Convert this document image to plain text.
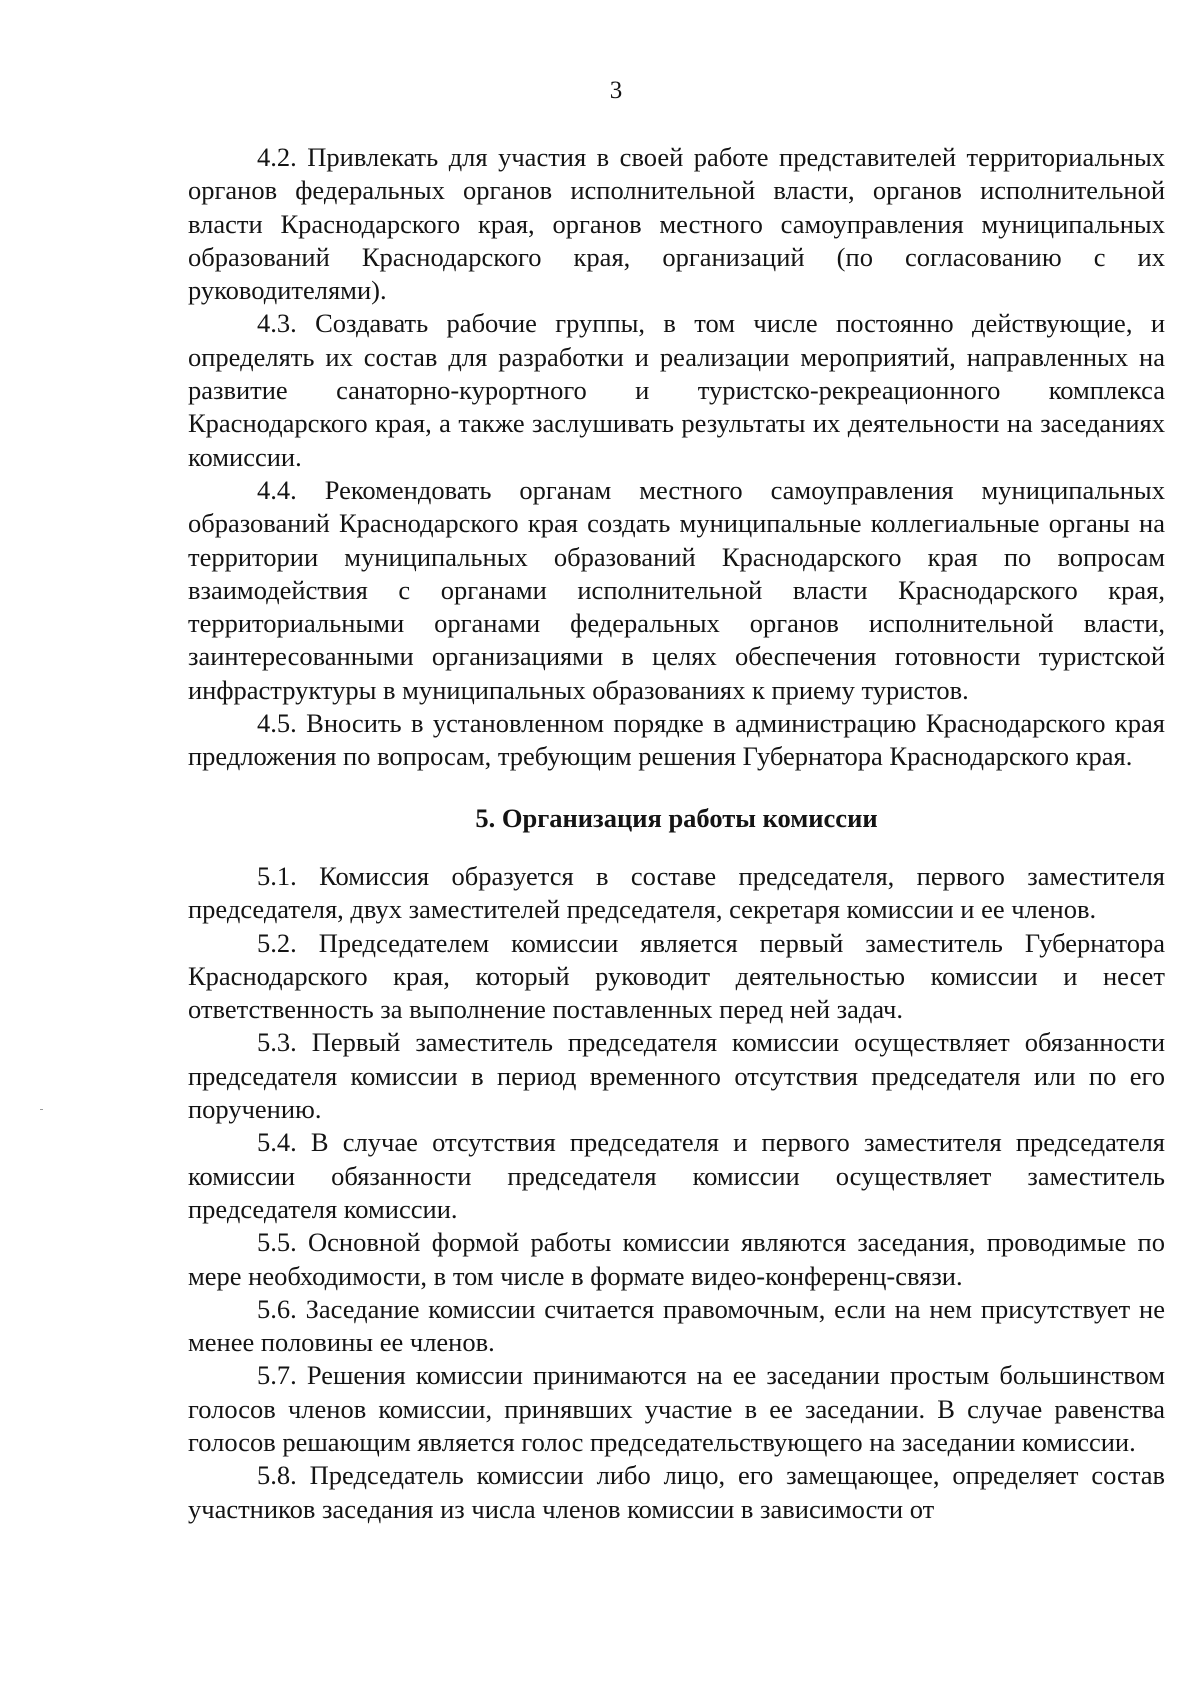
3

4.2. Привлекать для участия в своей работе представителей территориальных органов федеральных органов исполнительной власти, органов исполнительной власти Краснодарского края, органов местного самоуправления муниципальных образований Краснодарского края, организаций (по согласованию с их руководителями).

4.3. Создавать рабочие группы, в том числе постоянно действующие, и определять их состав для разработки и реализации мероприятий, направленных на развитие санаторно-курортного и туристско-рекреационного комплекса Краснодарского края, а также заслушивать результаты их деятельности на заседаниях комиссии.

4.4. Рекомендовать органам местного самоуправления муниципальных образований Краснодарского края создать муниципальные коллегиальные органы на территории муниципальных образований Краснодарского края по вопросам взаимодействия с органами исполнительной власти Краснодарского края, территориальными органами федеральных органов исполнительной власти, заинтересованными организациями в целях обеспечения готовности туристской инфраструктуры в муниципальных образованиях к приему туристов.

4.5. Вносить в установленном порядке в администрацию Краснодарского края предложения по вопросам, требующим решения Губернатора Краснодарского края.

5. Организация работы комиссии

5.1. Комиссия образуется в составе председателя, первого заместителя председателя, двух заместителей председателя, секретаря комиссии и ее членов.

5.2. Председателем комиссии является первый заместитель Губернатора Краснодарского края, который руководит деятельностью комиссии и несет ответственность за выполнение поставленных перед ней задач.

5.3. Первый заместитель председателя комиссии осуществляет обязанности председателя комиссии в период временного отсутствия председателя или по его поручению.

5.4. В случае отсутствия председателя и первого заместителя председателя комиссии обязанности председателя комиссии осуществляет заместитель председателя комиссии.

5.5. Основной формой работы комиссии являются заседания, проводимые по мере необходимости, в том числе в формате видео-конференц-связи.

5.6. Заседание комиссии считается правомочным, если на нем присутствует не менее половины ее членов.

5.7. Решения комиссии принимаются на ее заседании простым большинством голосов членов комиссии, принявших участие в ее заседании. В случае равенства голосов решающим является голос председательствующего на заседании комиссии.

5.8. Председатель комиссии либо лицо, его замещающее, определяет состав участников заседания из числа членов комиссии в зависимости от
